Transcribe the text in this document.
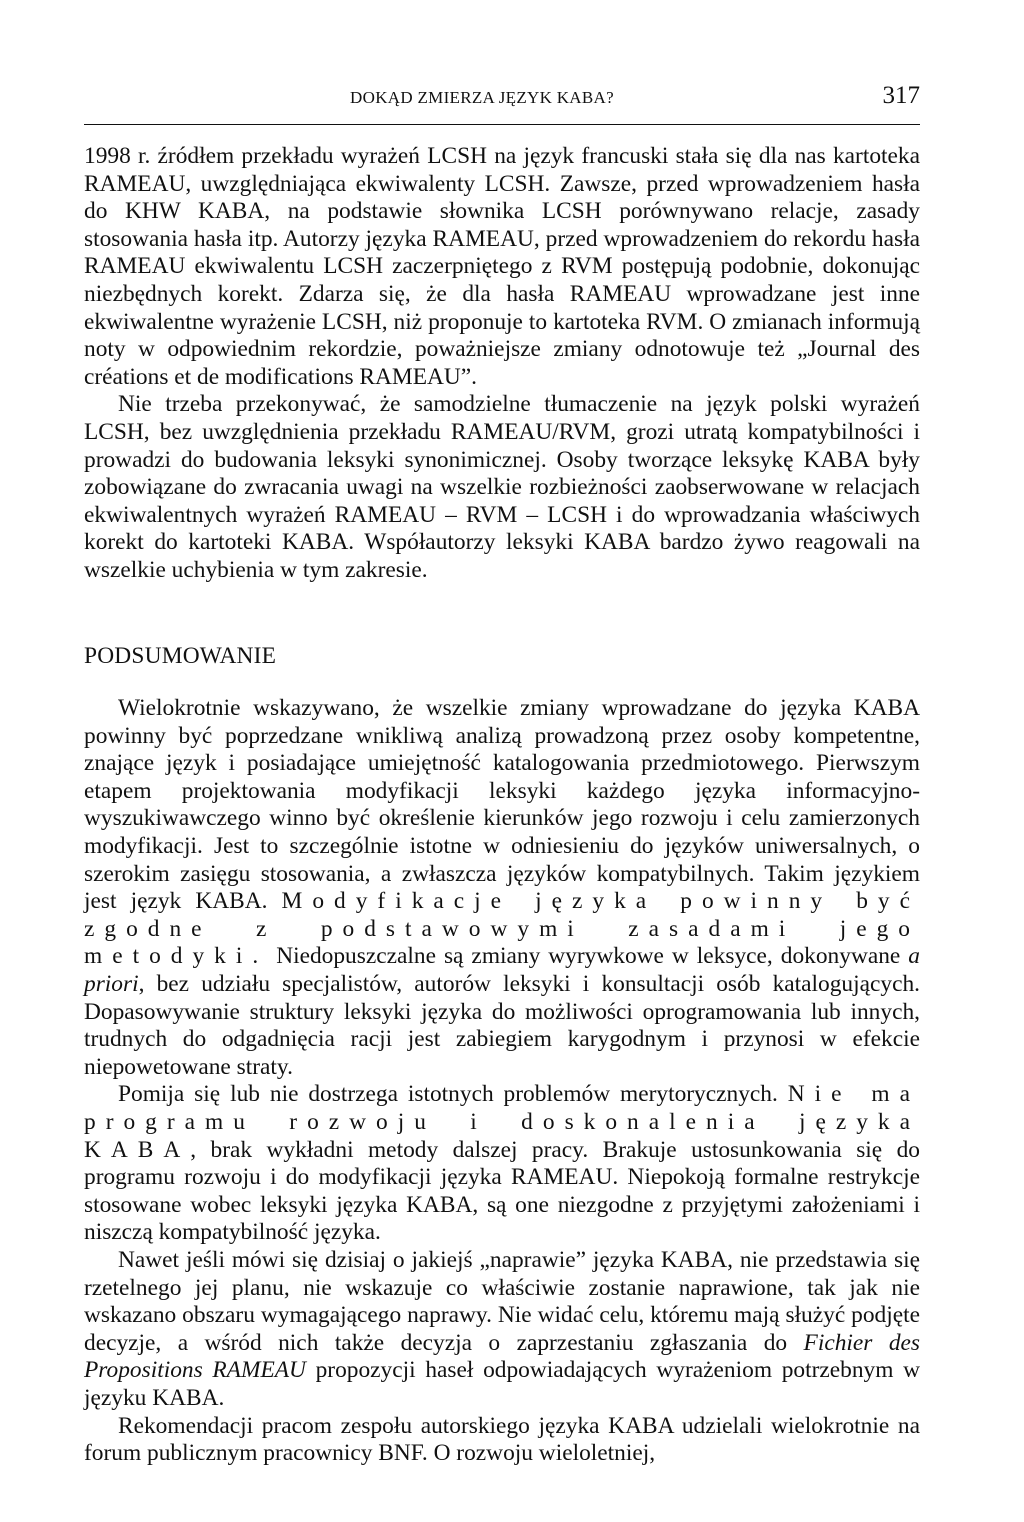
DOKĄD ZMIERZA JĘZYK KABA?	317

1998 r. źródłem przekładu wyrażeń LCSH na język francuski stała się dla nas kartoteka RAMEAU, uwzględniająca ekwiwalenty LCSH. Zawsze, przed wprowadzeniem hasła do KHW KABA, na podstawie słownika LCSH porównywano relacje, zasady stosowania hasła itp. Autorzy języka RAMEAU, przed wprowadzeniem do rekordu hasła RAMEAU ekwiwalentu LCSH zaczerpniętego z RVM postępują podobnie, dokonując niezbędnych korekt. Zdarza się, że dla hasła RAMEAU wprowadzane jest inne ekwiwalentne wyrażenie LCSH, niż proponuje to kartoteka RVM. O zmianach informują noty w odpowiednim rekordzie, poważniejsze zmiany odnotowuje też „Journal des créations et de modifications RAMEAU”.

Nie trzeba przekonywać, że samodzielne tłumaczenie na język polski wyrażeń LCSH, bez uwzględnienia przekładu RAMEAU/RVM, grozi utratą kompatybilności i prowadzi do budowania leksyki synonimicznej. Osoby tworzące leksykę KABA były zobowiązane do zwracania uwagi na wszelkie rozbieżności zaobserwowane w relacjach ekwiwalentnych wyrażeń RAMEAU – RVM – LCSH i do wprowadzania właściwych korekt do kartoteki KABA. Współautorzy leksyki KABA bardzo żywo reagowali na wszelkie uchybienia w tym zakresie.

PODSUMOWANIE

Wielokrotnie wskazywano, że wszelkie zmiany wprowadzane do języka KABA powinny być poprzedzane wnikliwą analizą prowadzoną przez osoby kompetentne, znające język i posiadające umiejętność katalogowania przedmiotowego. Pierwszym etapem projektowania modyfikacji leksyki każdego języka informacyjno-wyszukiwawczego winno być określenie kierunków jego rozwoju i celu zamierzonych modyfikacji. Jest to szczególnie istotne w odniesieniu do języków uniwersalnych, o szerokim zasięgu stosowania, a zwłaszcza języków kompatybilnych. Takim językiem jest język KABA. Modyfikacje języka powinny być zgodne z podstawowymi zasadami jego metodyki. Niedopuszczalne są zmiany wyrywkowe w leksyce, dokonywane a priori, bez udziału specjalistów, autorów leksyki i konsultacji osób katalogujących. Dopasowywanie struktury leksyki języka do możliwości oprogramowania lub innych, trudnych do odgadnięcia racji jest zabiegiem karygodnym i przynosi w efekcie niepowetowane straty.

Pomija się lub nie dostrzega istotnych problemów merytorycznych. Nie ma programu rozwoju i doskonalenia języka KABA, brak wykładni metody dalszej pracy. Brakuje ustosunkowania się do programu rozwoju i do modyfikacji języka RAMEAU. Niepokoją formalne restrykcje stosowane wobec leksyki języka KABA, są one niezgodne z przyjętymi założeniami i niszczą kompatybilność języka.

Nawet jeśli mówi się dzisiaj o jakiejś „naprawie” języka KABA, nie przedstawia się rzetelnego jej planu, nie wskazuje co właściwie zostanie naprawione, tak jak nie wskazano obszaru wymagającego naprawy. Nie widać celu, któremu mają służyć podjęte decyzje, a wśród nich także decyzja o zaprzestaniu zgłaszania do Fichier des Propositions RAMEAU propozycji haseł odpowiadających wyrażeniom potrzebnym w języku KABA.

Rekomendacji pracom zespołu autorskiego języka KABA udzielali wielokrotnie na forum publicznym pracownicy BNF. O rozwoju wieloletniej,
